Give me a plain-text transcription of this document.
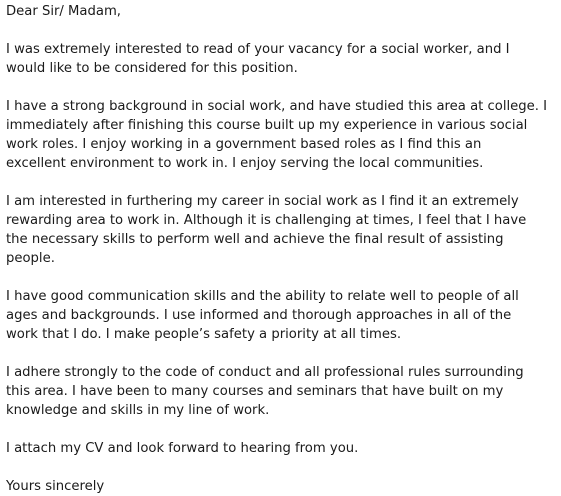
Dear Sir/ Madam,
I was extremely interested to read of your vacancy for a social worker, and I
would like to be considered for this position.
I have a strong background in social work, and have studied this area at college. I
immediately after finishing this course built up my experience in various social
work roles. I enjoy working in a government based roles as I find this an
excellent environment to work in. I enjoy serving the local communities.
I am interested in furthering my career in social work as I find it an extremely
rewarding area to work in. Although it is challenging at times, I feel that I have
the necessary skills to perform well and achieve the final result of assisting
people.
I have good communication skills and the ability to relate well to people of all
ages and backgrounds. I use informed and thorough approaches in all of the
work that I do. I make people’s safety a priority at all times.
I adhere strongly to the code of conduct and all professional rules surrounding
this area. I have been to many courses and seminars that have built on my
knowledge and skills in my line of work.
I attach my CV and look forward to hearing from you.
Yours sincerely
